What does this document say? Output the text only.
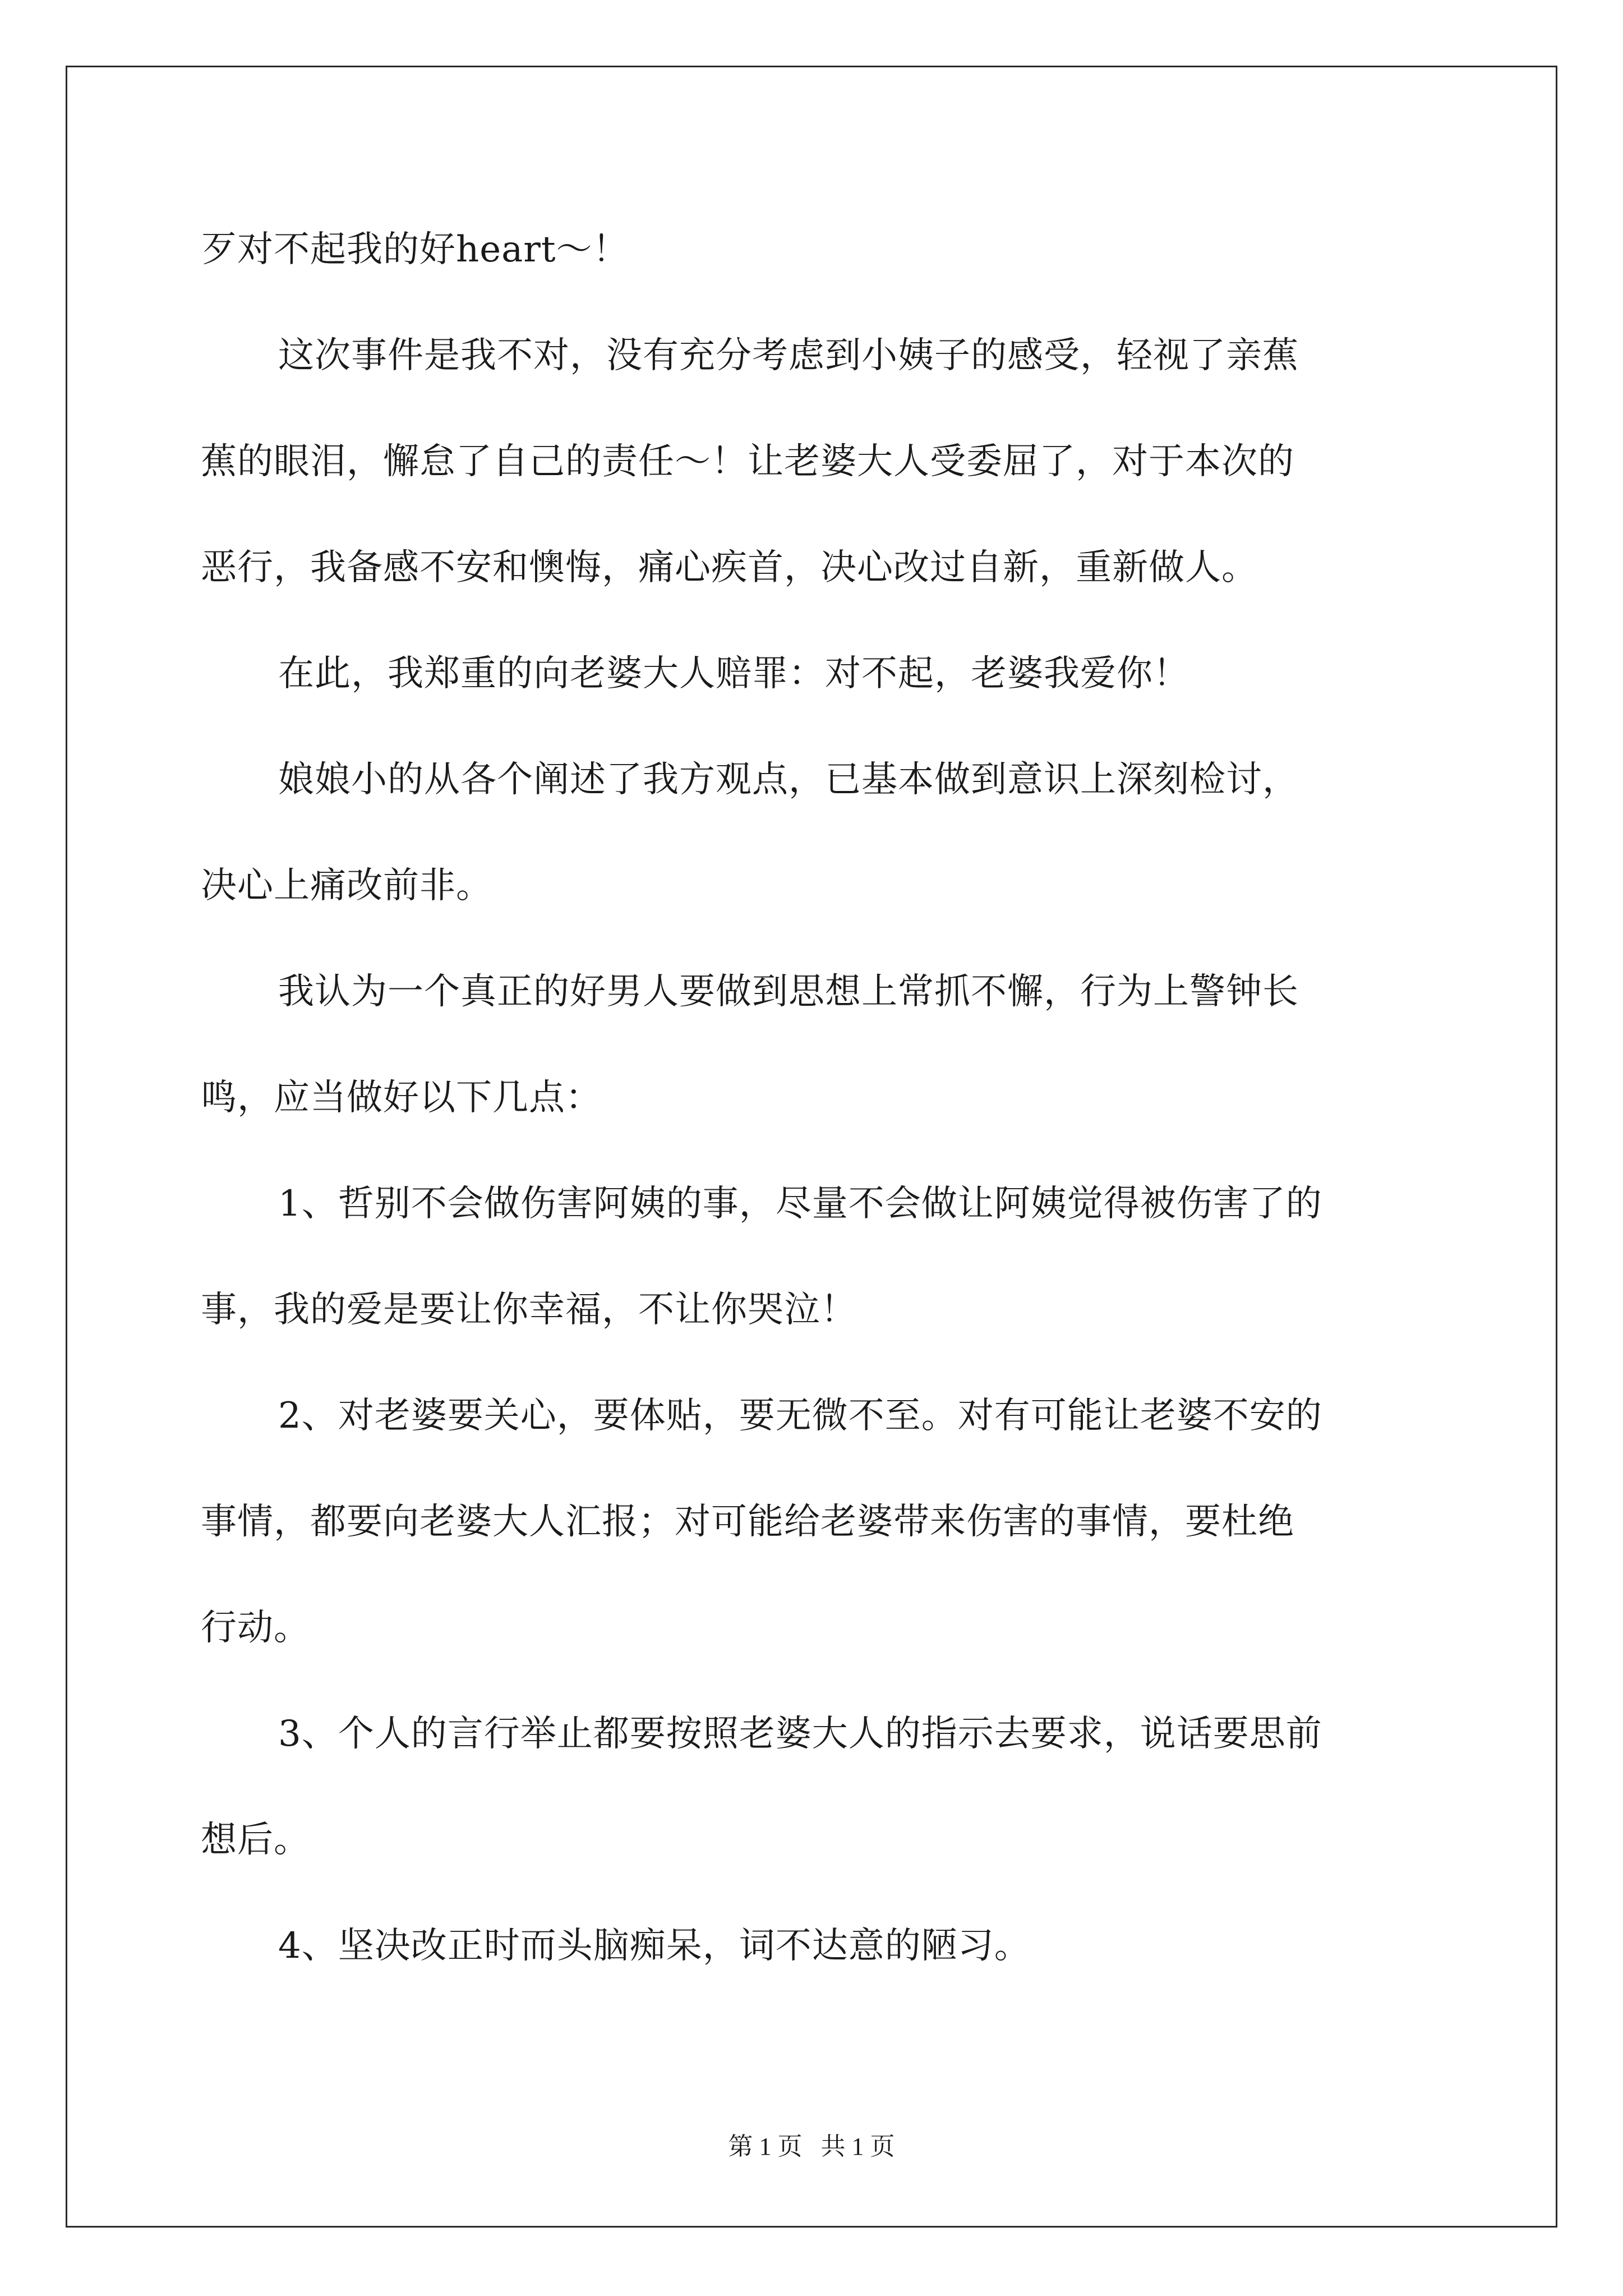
歹对不起我的好heart～！
这次事件是我不对，没有充分考虑到小姨子的感受，轻视了亲蕉
蕉的眼泪，懈怠了自己的责任～！让老婆大人受委屈了，对于本次的
恶行，我备感不安和懊悔，痛心疾首，决心改过自新，重新做人。
在此，我郑重的向老婆大人赔罪：对不起，老婆我爱你！
娘娘小的从各个阐述了我方观点，已基本做到意识上深刻检讨，
决心上痛改前非。
我认为一个真正的好男人要做到思想上常抓不懈，行为上警钟长
鸣，应当做好以下几点：
1、哲别不会做伤害阿姨的事，尽量不会做让阿姨觉得被伤害了的
事，我的爱是要让你幸福，不让你哭泣！
2、对老婆要关心，要体贴，要无微不至。对有可能让老婆不安的
事情，都要向老婆大人汇报；对可能给老婆带来伤害的事情，要杜绝
行动。
3、个人的言行举止都要按照老婆大人的指示去要求，说话要思前
想后。
4、坚决改正时而头脑痴呆，词不达意的陋习。
第 1 页   共 1 页
